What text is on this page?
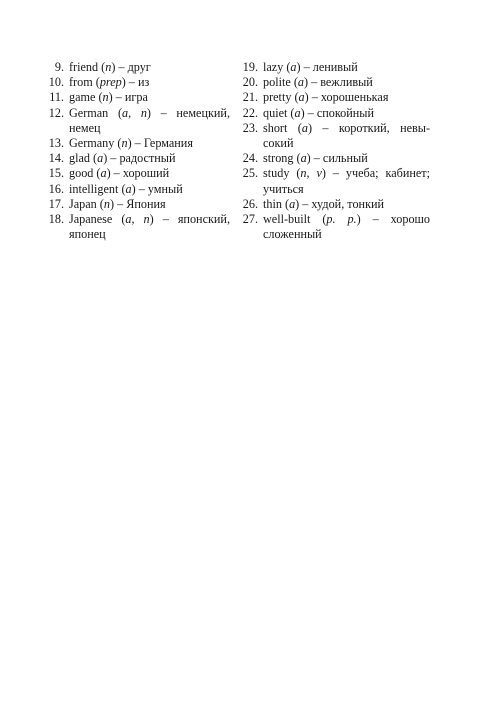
9. friend (n) – друг
10. from (prep) – из
11. game (n) – игра
12. German (a, n) – немецкий, немец
13. Germany (n) – Германия
14. glad (a) – радостный
15. good (a) – хороший
16. intelligent (a) – умный
17. Japan (n) – Япония
18. Japanese (a, n) – японский, японец
19. lazy (a) – ленивый
20. polite (a) – вежливый
21. pretty (a) – хорошенькая
22. quiet (a) – спокойный
23. short (a) – короткий, невы-сокий
24. strong (a) – сильный
25. study (n, v) – учеба; кабинет; учиться
26. thin (a) – худой, тонкий
27. well-built (p. p.) – хорошо сложенный
